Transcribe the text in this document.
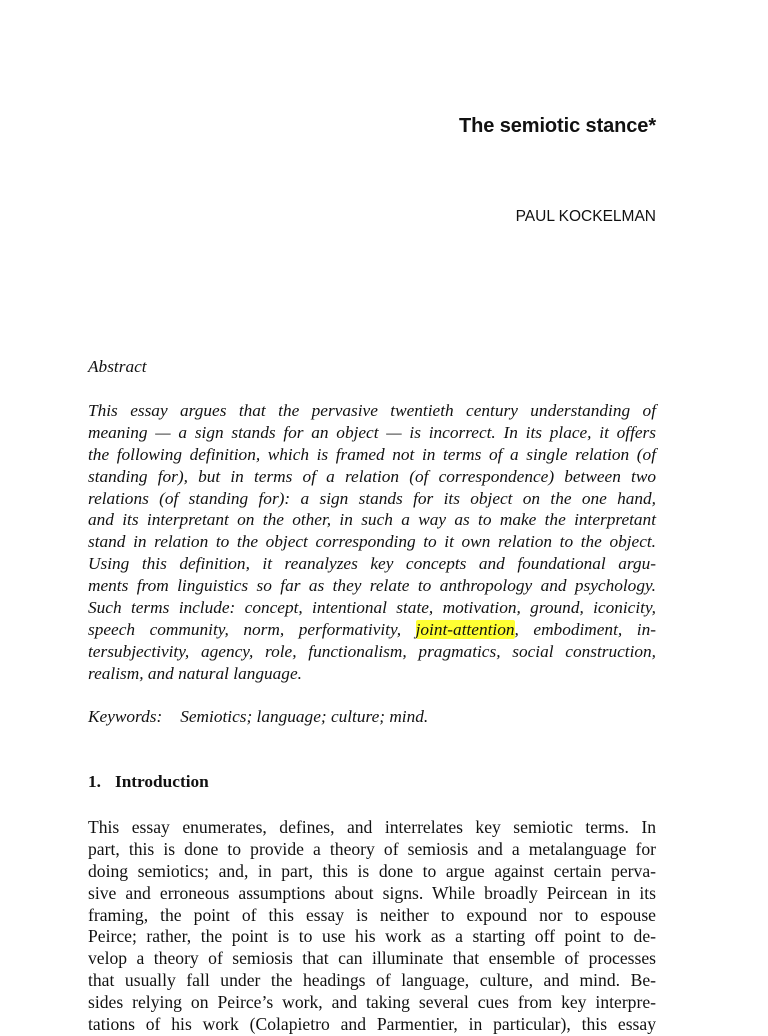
The semiotic stance*
PAUL KOCKELMAN
Abstract
This essay argues that the pervasive twentieth century understanding of
meaning — a sign stands for an object — is incorrect. In its place, it offers
the following definition, which is framed not in terms of a single relation (of
standing for), but in terms of a relation (of correspondence) between two
relations (of standing for): a sign stands for its object on the one hand,
and its interpretant on the other, in such a way as to make the interpretant
stand in relation to the object corresponding to it own relation to the object.
Using this definition, it reanalyzes key concepts and foundational argu-
ments from linguistics so far as they relate to anthropology and psychology.
Such terms include: concept, intentional state, motivation, ground, iconicity,
speech community, norm, performativity, joint-attention, embodiment, in-
tersubjectivity, agency, role, functionalism, pragmatics, social construction,
realism, and natural language.
Keywords: Semiotics; language; culture; mind.
1. Introduction
This essay enumerates, defines, and interrelates key semiotic terms. In
part, this is done to provide a theory of semiosis and a metalanguage for
doing semiotics; and, in part, this is done to argue against certain perva-
sive and erroneous assumptions about signs. While broadly Peircean in its
framing, the point of this essay is neither to expound nor to espouse
Peirce; rather, the point is to use his work as a starting off point to de-
velop a theory of semiosis that can illuminate that ensemble of processes
that usually fall under the headings of language, culture, and mind. Be-
sides relying on Peirce’s work, and taking several cues from key interpre-
tations of his work (Colapietro and Parmentier, in particular), this essay
